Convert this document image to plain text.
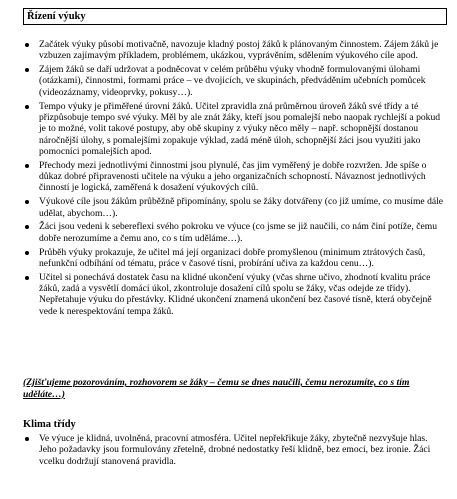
Řízení výuky
Začátek výuky působí motivačně, navozuje kladný postoj žáků k plánovaným činnostem. Zájem žáků je vzbuzen zajímavým příkladem, problémem, ukázkou, vyprávěním, sdělením výukového cíle apod.
Zájem žáků se daří udržovat a podněcovat v celém průběhu výuky vhodně formulovanými úlohami (otázkami), činnostmi, formami práce – ve dvojicích, ve skupinách, předváděním učebních pomůcek (videozáznamy, videoprvky, pokusy…).
Tempo výuky je přiměřené úrovni žáků. Učitel zpravidla zná průměrnou úroveň žáků své třídy a té přizpůsobuje tempo své výuky. Měl by ale znát žáky, kteří jsou pomalejší nebo naopak rychlejší a pokud je to možné, volit takové postupy, aby obě skupiny z výuky něco měly – např. schopnější dostanou náročnější úlohy, s pomalejšími zopakuje výklad, zadá méně úloh, schopnější žáci jsou využiti jako pomocníci pomalejších apod.
Přechody mezi jednotlivými činnostmi jsou plynulé, čas jim vyměřený je dobře rozvržen. Jde spíše o důkaz dobré připravenosti učitele na výuku a jeho organizačních schopností. Návaznost jednotlivých činností je logická, zaměřená k dosažení výukových cílů.
Výukové cíle jsou žákům průběžně připomínány, spolu se žáky dotvářeny (co již umíme, co musíme dále udělat, abychom…).
Žáci jsou vedeni k sebereflexi svého pokroku ve výuce (co jsme se již naučili, co nám činí potíže, čemu dobře nerozumíme a čemu ano, co s tím uděláme…).
Průběh výuky prokazuje, že učitel má její organizaci dobře promyšlenou (minimum ztrátových časů, nefunkční odbíhání od tématu, práce v časové tísni, probírání učiva za každou cenu…).
Učitel si ponechává dostatek času na klidné ukončení výuky (včas shrne učivo, zhodnotí kvalitu práce žáků, zadá a vysvětlí domácí úkol, zkontroluje dosažení cílů spolu se žáky, včas odejde ze třídy). Nepřetahuje výuku do přestávky. Klidné ukončení znamená ukončení bez časové tísně, která obyčejně vede k nerespektování tempa žáků.
(Zjišťujeme pozorováním, rozhovorem se žáky – čemu se dnes naučili, čemu nerozumíte, co s tím uděláte…)
Klima třídy
Ve výuce je klidná, uvolněná, pracovní atmosféra. Učitel nepřekřikuje žáky, zbytečně nezvyšuje hlas. Jeho požadavky jsou formulovány zřetelně, drobné nedostatky řeší klidně, bez emocí, bez ironie. Žáci vcelku dodržují stanovená pravidla.
